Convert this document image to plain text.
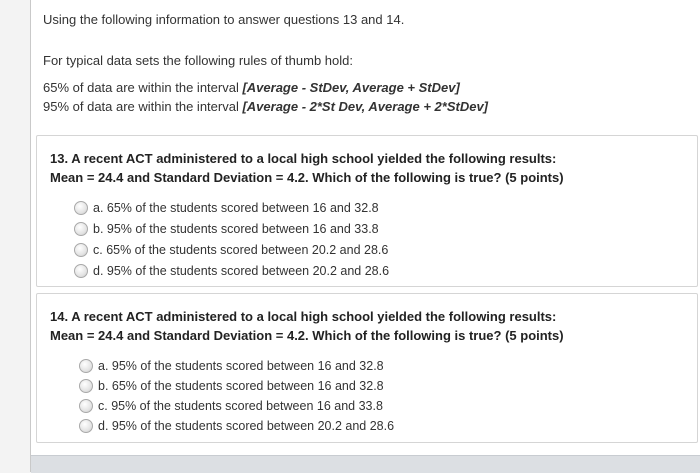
Using the following information to answer questions 13 and 14.
For typical data sets the following rules of thumb hold:
65% of data are within the interval [Average - StDev, Average + StDev]
95% of data are within the interval [Average - 2*St Dev, Average + 2*StDev]
13. A recent ACT administered to a local high school yielded the following results:
Mean = 24.4 and Standard Deviation = 4.2. Which of the following is true? (5 points)
a. 65% of the students scored between 16 and 32.8
b. 95% of the students scored between 16 and 33.8
c. 65% of the students scored between 20.2 and 28.6
d. 95% of the students scored between 20.2 and 28.6
14. A recent ACT administered to a local high school yielded the following results:
Mean = 24.4 and Standard Deviation = 4.2. Which of the following is true? (5 points)
a. 95% of the students scored between 16 and 32.8
b. 65% of the students scored between 16 and 32.8
c. 95% of the students scored between 16 and 33.8
d. 95% of the students scored between 20.2 and 28.6
